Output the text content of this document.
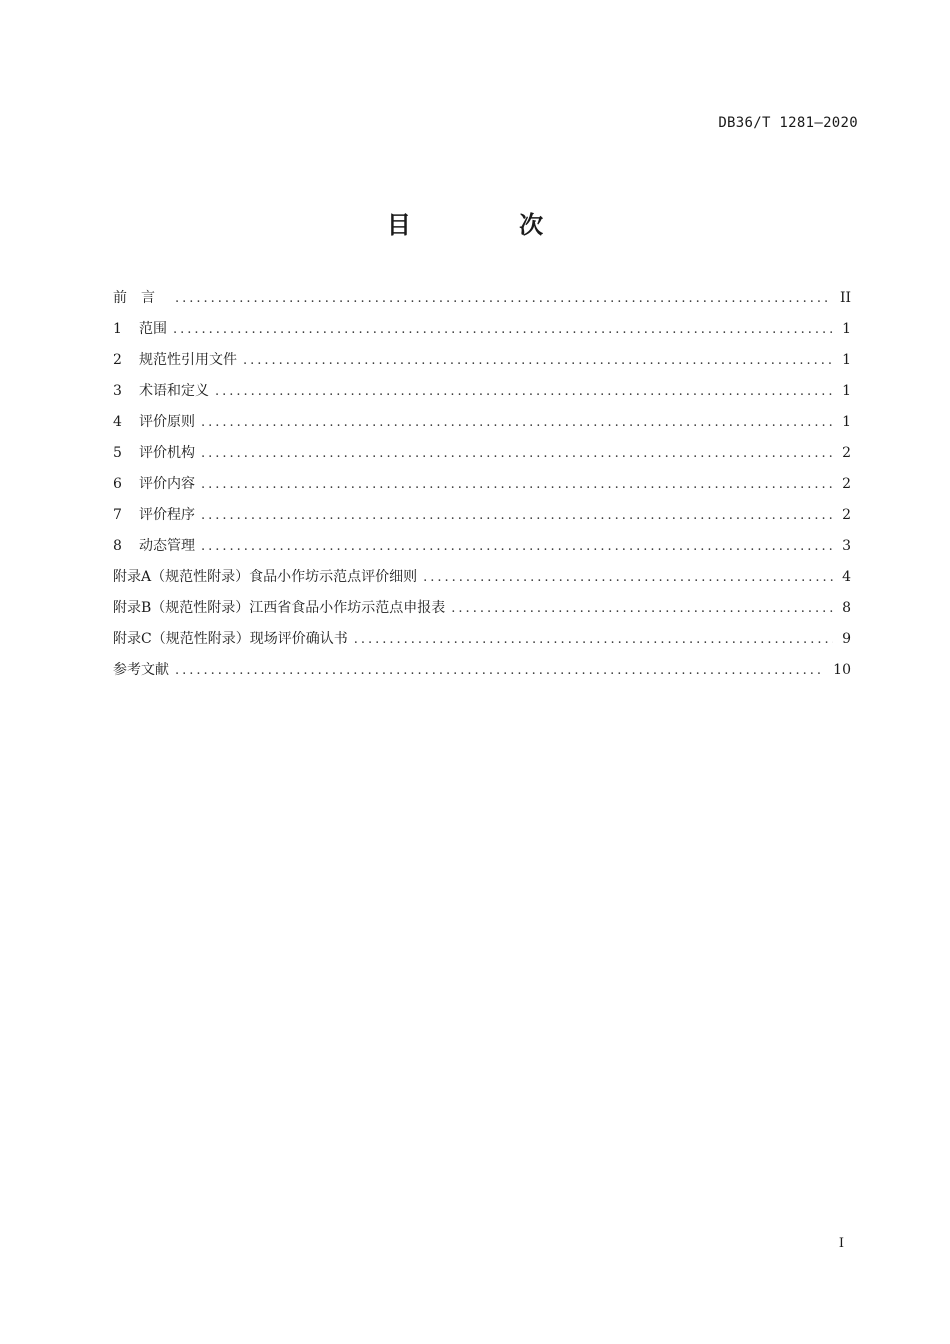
DB36/T 1281—2020
目 次
前言 .....	II
1	范围 .....	1
2	规范性引用文件 .....	1
3	术语和定义 .....	1
4	评价原则 .....	1
5	评价机构 .....	2
6	评价内容 .....	2
7	评价程序 .....	2
8	动态管理 .....	3
附录A（规范性附录）食品小作坊示范点评价细则 .....	4
附录B（规范性附录）江西省食品小作坊示范点申报表 .....	8
附录C（规范性附录）现场评价确认书 .....	9
参考文献 .....	10
I
